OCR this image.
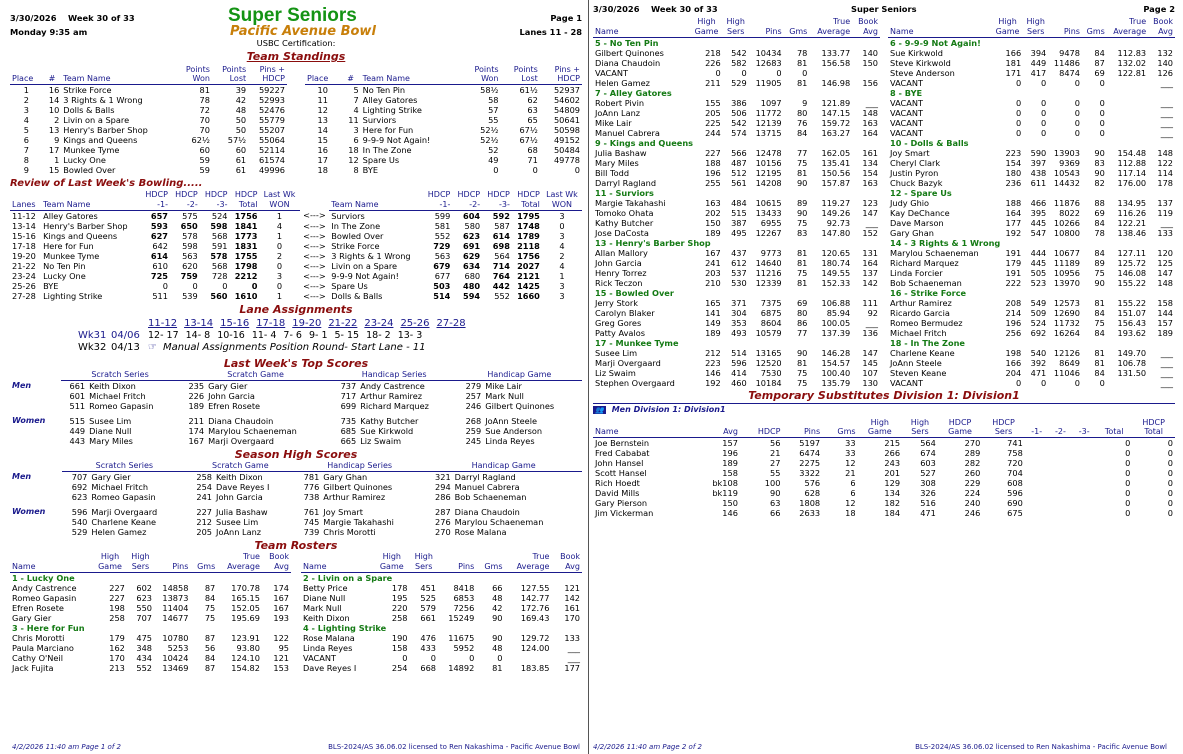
3/30/2026	Week 30 of 33	Super Seniors	Page 1
Monday 9:35 am	Pacific Avenue Bowl	Lanes 11 - 28
USBC Certification:
Team Standings
			Points	Points	Pins +
Place	#	Team Name	Won	Lost	HDCP
1	16	Strike Force	81	39	59227
2	14	3 Rights & 1 Wrong	78	42	52993
3	10	Dolls & Balls	72	48	52476
4	2	Livin on a Spare	70	50	55779
5	13	Henry's Barber Shop	70	50	55207
6	9	Kings and Queens	62½	57½	55064
7	17	Munkee Tyme	60	60	52114
8	1	Lucky One	59	61	61574
9	15	Bowled Over	59	61	49996
			Points	Points	Pins +
Place	#	Team Name	Won	Lost	HDCP
10	5	No Ten Pin	58½	61½	52937
11	7	Alley Gatores	58	62	54602
12	4	Lighting Strike	57	63	54809
13	11	Surviors	55	65	50641
14	3	Here for Fun	52½	67½	50598
15	6	9-9-9 Not Again!	52½	67½	49152
16	18	In The Zone	52	68	50484
17	12	Spare Us	49	71	49778
18	8	BYE	0	0	0
Review of Last Week's Bowling.....
		HDCP	HDCP	HDCP	HDCP	Last Wk			HDCP	HDCP	HDCP	HDCP	Last Wk
Lanes	Team Name	-1-	-2-	-3-	Total	WON		Team Name	-1-	-2-	-3-	Total	WON
11-12	Alley Gatores	657	575	524	1756	1	<--->	Surviors	599	604	592	1795	3
13-14	Henry's Barber Shop	593	650	598	1841	4	<--->	In The Zone	581	580	587	1748	0
15-16	Kings and Queens	627	578	568	1773	1	<--->	Bowled Over	552	623	614	1789	3
17-18	Here for Fun	642	598	591	1831	0	<--->	Strike Force	729	691	698	2118	4
19-20	Munkee Tyme	614	563	578	1755	2	<--->	3 Rights & 1 Wrong	563	629	564	1756	2
21-22	No Ten Pin	610	620	568	1798	0	<--->	Livin on a Spare	679	634	714	2027	4
23-24	Lucky One	725	759	728	2212	3	<--->	9-9-9 Not Again!	677	680	764	2121	1
25-26	BYE	0	0	0	0	0	<--->	Spare Us	503	480	442	1425	3
27-28	Lighting Strike	511	539	560	1610	1	<--->	Dolls & Balls	514	594	552	1660	3
Lane Assignments
11-12 13-14 15-16 17-18 19-20 21-22 23-24 25-26 27-28
Wk31 04/06 12- 17 14- 8 10-16 11- 4 7- 6 9- 1 5- 15 18- 2 13- 3
Wk32 04/13 ☞ Manual Assignments Position Round- Start Lane - 11
Last Week's Top Scores
	Scratch Series		Scratch Game		Handicap Series		Handicap Game	
Men	661	Keith Dixon	235	Gary Gier	737	Andy Castrence	279	Mike Lair
	601	Michael Fritch	226	John Garcia	717	Arthur Ramirez	257	Mark Null
	511	Romeo Gapasin	189	Efren Rosete	699	Richard Marquez	246	Gilbert Quinones

Women	515	Susee Lim	211	Diana Chaudoin	735	Kathy Butcher	268	JoAnn Steele
	449	Diane Null	174	Marylou Schaeneman	685	Sue Kirkwold	259	Sue Anderson
	443	Mary Miles	167	Marji Overgaard	665	Liz Swaim	245	Linda Reyes
Season High Scores
	Scratch Series		Scratch Game		Handicap Series		Handicap Game	
Men	707	Gary Gier	258	Keith Dixon	781	Gary Ghan	321	Darryl Ragland
	692	Michael Fritch	254	Dave Reyes I	776	Gilbert Quinones	294	Manuel Cabrera
	623	Romeo Gapasin	241	John Garcia	738	Arthur Ramirez	286	Bob Schaeneman

Women	596	Marji Overgaard	227	Julia Bashaw	761	Joy Smart	287	Diana Chaudoin
	540	Charlene Keane	212	Susee Lim	745	Margie Takahashi	276	Marylou Schaeneman
	529	Helen Gamez	205	JoAnn Lanz	739	Chris Morotti	270	Rose Malana
Team Rosters
	High	High			True	Book
Name	Game	Sers	Pins	Gms	Average	Avg
1 - Lucky One						
Andy Castrence	227	602	14858	87	170.78	174
Romeo Gapasin	227	623	13873	84	165.15	167
Efren Rosete	198	550	11404	75	152.05	167
Gary Gier	258	707	14677	75	195.69	193
3 - Here for Fun						
Chris Morotti	179	475	10780	87	123.91	122
Paula Marciano	162	348	5253	56	93.80	95
Cathy O'Neil	170	434	10424	84	124.10	121
Jack Fujita	213	552	13469	87	154.82	153
	High	High			True	Book
Name	Game	Sers	Pins	Gms	Average	Avg
2 - Livin on a Spare						
Betty Price	178	451	8418	66	127.55	121
Diane Null	195	525	6853	48	142.77	142
Mark Null	220	579	7256	42	172.76	161
Keith Dixon	258	661	15249	90	169.43	170
4 - Lighting Strike						
Rose Malana	190	476	11675	90	129.72	133
Linda Reyes	158	433	5952	48	124.00	___
VACANT	0	0	0	0		___
Dave Reyes I	254	668	14892	81	183.85	177
4/2/2026 11:40 am Page 1 of 2	BLS-2024/AS 36.06.02 licensed to Ren Nakashima - Pacific Avenue Bowl
3/30/2026	Week 30 of 33	Super Seniors	Page 2
	High	High			True	Book
Name	Game	Sers	Pins	Gms	Average	Avg
5 - No Ten Pin						
Gilbert Quinones	218	542	10434	78	133.77	140
Diana Chaudoin	226	582	12683	81	156.58	150
VACANT	0	0	0	0		
Helen Gamez	211	529	11905	81	146.98	156
7 - Alley Gatores						
Robert Pivin	155	386	1097	9	121.89	___
JoAnn Lanz	205	506	11772	80	147.15	148
Mike Lair	225	542	12139	76	159.72	163
Manuel Cabrera	244	574	13715	84	163.27	164
9 - Kings and Queens						
Julia Bashaw	227	566	12478	77	162.05	161
Mary Miles	188	487	10156	75	135.41	134
Bill Todd	196	512	12195	81	150.56	154
Darryl Ragland	255	561	14208	90	157.87	163
11 - Surviors						
Margie Takahashi	163	484	10615	89	119.27	123
Tomoko Ohata	202	515	13433	90	149.26	147
Kathy Butcher	150	387	6955	75	92.73	___
Jose DaCosta	189	495	12267	83	147.80	152
13 - Henry's Barber Shop						
Allan Mallory	167	437	9773	81	120.65	131
John Garcia	241	612	14640	81	180.74	164
Henry Torrez	203	537	11216	75	149.55	137
Rick Teczon	210	530	12339	81	152.33	142
15 - Bowled Over						
Jerry Stork	165	371	7375	69	106.88	111
Carolyn Blaker	141	304	6875	80	85.94	92
Greg Gores	149	353	8604	86	100.05	___
Patty Avalos	189	493	10579	77	137.39	136
17 - Munkee Tyme						
Susee Lim	212	514	13165	90	146.28	147
Marji Overgaard	223	596	12520	81	154.57	145
Liz Swaim	146	414	7530	75	100.40	107
Stephen Overgaard	192	460	10184	75	135.79	130
	High	High			True	Book
Name	Game	Sers	Pins	Gms	Average	Avg
6 - 9-9-9 Not Again!						
Sue Kirkwold	166	394	9478	84	112.83	132
Steve Kirkwold	181	449	11486	87	132.02	140
Steve Anderson	171	417	8474	69	122.81	126
VACANT	0	0	0	0		___
8 - BYE						
VACANT	0	0	0	0		___
VACANT	0	0	0	0		___
VACANT	0	0	0	0		___
VACANT	0	0	0	0		___
10 - Dolls & Balls						
Joy Smart	223	590	13903	90	154.48	148
Cheryl Clark	154	397	9369	83	112.88	122
Justin Pyron	180	438	10543	90	117.14	114
Chuck Bazyk	236	611	14432	82	176.00	178
12 - Spare Us						
Judy Ghio	188	466	11876	88	134.95	137
Kay DeChance	164	395	8022	69	116.26	119
Dave Marson	177	445	10266	84	122.21	___
Gary Ghan	192	547	10800	78	138.46	133
14 - 3 Rights & 1 Wrong						
Marylou Schaeneman	191	444	10677	84	127.11	120
Richard Marquez	179	445	11189	89	125.72	125
Linda Forcier	191	505	10956	75	146.08	147
Bob Schaeneman	222	523	13970	90	155.22	148
16 - Strike Force						
Arthur Ramirez	208	549	12573	81	155.22	158
Ricardo Garcia	214	509	12690	84	151.07	144
Romeo Bermudez	196	524	11732	75	156.43	157
Michael Fritch	256	692	16264	84	193.62	189
18 - In The Zone						
Charlene Keane	198	540	12126	81	149.70	___
JoAnn Steele	166	392	8649	81	106.78	___
Steven Keane	204	471	11046	84	131.50	___
VACANT	0	0	0	0		___
Temporary Substitutes Division 1: Division1
👥 Men Division 1: Division1
					High	High	HDCP	HDCP					HDCP
Name	Avg	HDCP	Pins	Gms	Game	Sers	Game	Sers	-1-	-2-	-3-	Total	Total
Joe Bernstein	157	56	5197	33	215	564	270	741				0	0
Fred Cababat	196	21	6474	33	266	674	289	758				0	0
John Hansel	189	27	2275	12	243	603	282	720				0	0
Scott Hansel	158	55	3322	21	201	527	260	704				0	0
Rich Hoedt	bk108	100	576	6	129	308	229	608				0	0
David Mills	bk119	90	628	6	134	326	224	596				0	0
Gary Pierson	150	63	1808	12	182	516	240	690				0	0
Jim Vickerman	146	66	2633	18	184	471	246	675				0	0
4/2/2026 11:40 am Page 2 of 2	BLS-2024/AS 36.06.02 licensed to Ren Nakashima - Pacific Avenue Bowl
